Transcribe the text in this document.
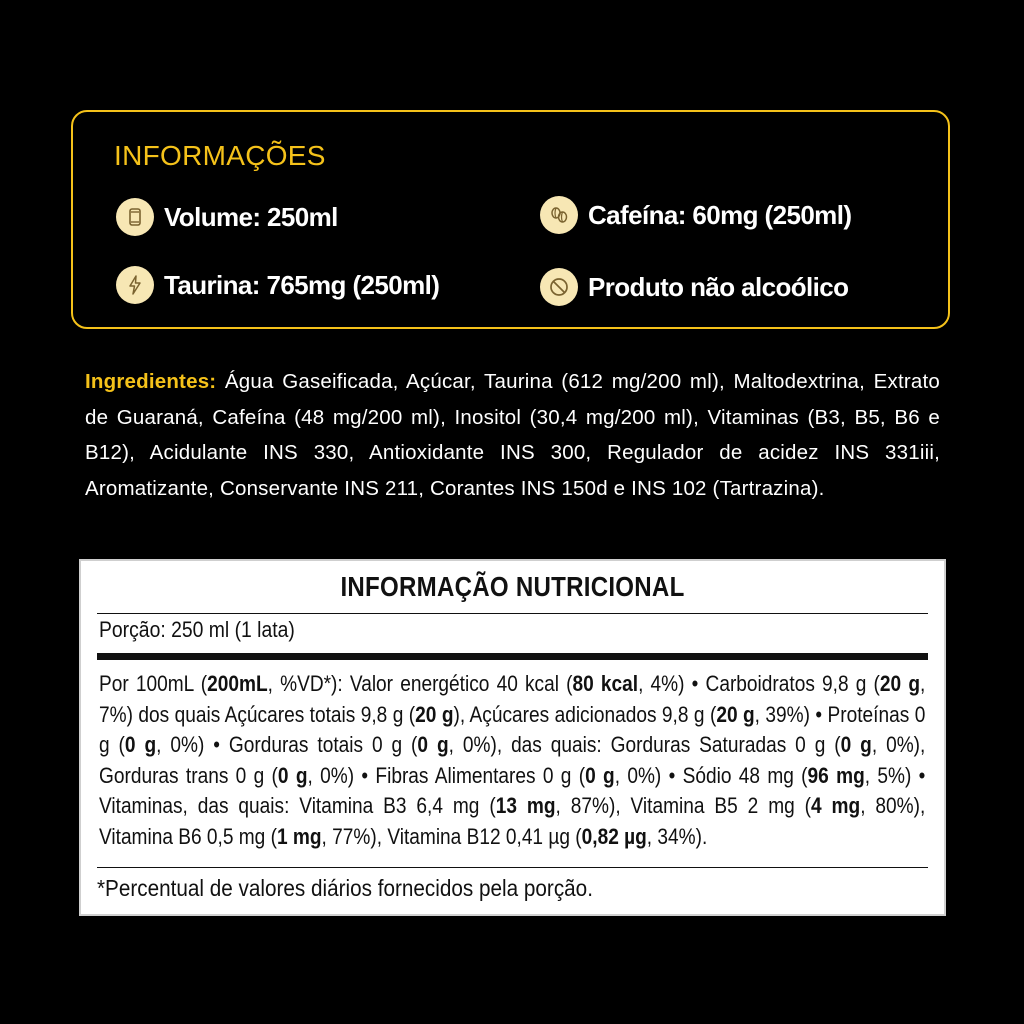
INFORMAÇÕES
Volume: 250ml	Cafeína: 60mg (250ml)
Taurina: 765mg (250ml)	Produto não alcoólico
Ingredientes: Água Gaseificada, Açúcar, Taurina (612 mg/200 ml), Maltodextrina, Extrato de Guaraná, Cafeína (48 mg/200 ml), Inositol (30,4 mg/200 ml), Vitaminas (B3, B5, B6 e B12), Acidulante INS 330, Antioxidante INS 300, Regulador de acidez INS 331iii, Aromatizante, Conservante INS 211, Corantes INS 150d e INS 102 (Tartrazina).
INFORMAÇÃO NUTRICIONAL
Porção: 250 ml (1 lata)
Por 100mL (200mL, %VD*): Valor energético 40 kcal (80 kcal, 4%) • Carboidratos 9,8 g (20 g, 7%) dos quais Açúcares totais 9,8 g (20 g), Açúcares adicionados 9,8 g (20 g, 39%) • Proteínas 0 g (0 g, 0%) • Gorduras totais 0 g (0 g, 0%), das quais: Gorduras Saturadas 0 g (0 g, 0%), Gorduras trans 0 g (0 g, 0%) • Fibras Alimentares 0 g (0 g, 0%) • Sódio 48 mg (96 mg, 5%) • Vitaminas, das quais: Vitamina B3 6,4 mg (13 mg, 87%), Vitamina B5 2 mg (4 mg, 80%), Vitamina B6 0,5 mg (1 mg, 77%), Vitamina B12 0,41 µg (0,82 µg, 34%).
*Percentual de valores diários fornecidos pela porção.
